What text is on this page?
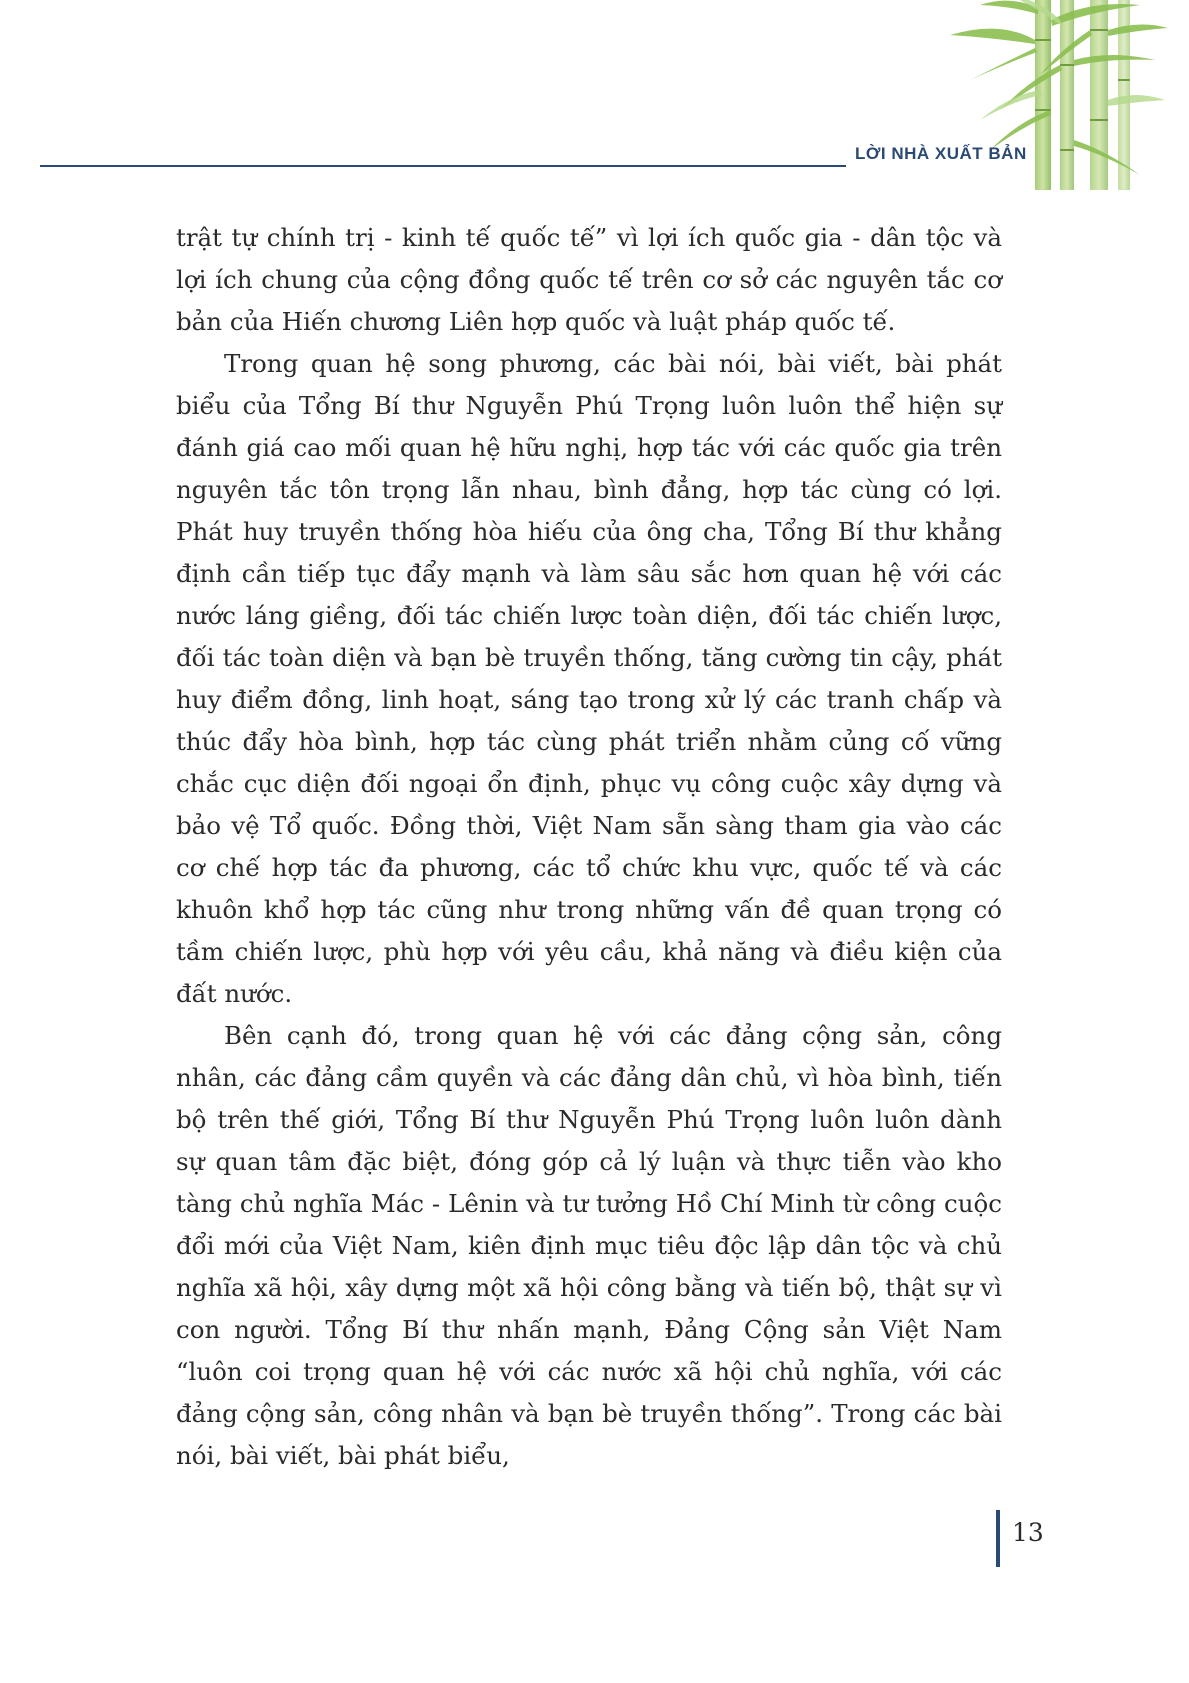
LỜI NHÀ XUẤT BẢN

trật tự chính trị - kinh tế quốc tế” vì lợi ích quốc gia - dân tộc và lợi ích chung của cộng đồng quốc tế trên cơ sở các nguyên tắc cơ bản của Hiến chương Liên hợp quốc và luật pháp quốc tế.

Trong quan hệ song phương, các bài nói, bài viết, bài phát biểu của Tổng Bí thư Nguyễn Phú Trọng luôn luôn thể hiện sự đánh giá cao mối quan hệ hữu nghị, hợp tác với các quốc gia trên nguyên tắc tôn trọng lẫn nhau, bình đẳng, hợp tác cùng có lợi. Phát huy truyền thống hòa hiếu của ông cha, Tổng Bí thư khẳng định cần tiếp tục đẩy mạnh và làm sâu sắc hơn quan hệ với các nước láng giềng, đối tác chiến lược toàn diện, đối tác chiến lược, đối tác toàn diện và bạn bè truyền thống, tăng cường tin cậy, phát huy điểm đồng, linh hoạt, sáng tạo trong xử lý các tranh chấp và thúc đẩy hòa bình, hợp tác cùng phát triển nhằm củng cố vững chắc cục diện đối ngoại ổn định, phục vụ công cuộc xây dựng và bảo vệ Tổ quốc. Đồng thời, Việt Nam sẵn sàng tham gia vào các cơ chế hợp tác đa phương, các tổ chức khu vực, quốc tế và các khuôn khổ hợp tác cũng như trong những vấn đề quan trọng có tầm chiến lược, phù hợp với yêu cầu, khả năng và điều kiện của đất nước.

Bên cạnh đó, trong quan hệ với các đảng cộng sản, công nhân, các đảng cầm quyền và các đảng dân chủ, vì hòa bình, tiến bộ trên thế giới, Tổng Bí thư Nguyễn Phú Trọng luôn luôn dành sự quan tâm đặc biệt, đóng góp cả lý luận và thực tiễn vào kho tàng chủ nghĩa Mác - Lênin và tư tưởng Hồ Chí Minh từ công cuộc đổi mới của Việt Nam, kiên định mục tiêu độc lập dân tộc và chủ nghĩa xã hội, xây dựng một xã hội công bằng và tiến bộ, thật sự vì con người. Tổng Bí thư nhấn mạnh, Đảng Cộng sản Việt Nam “luôn coi trọng quan hệ với các nước xã hội chủ nghĩa, với các đảng cộng sản, công nhân và bạn bè truyền thống”. Trong các bài nói, bài viết, bài phát biểu,

13
